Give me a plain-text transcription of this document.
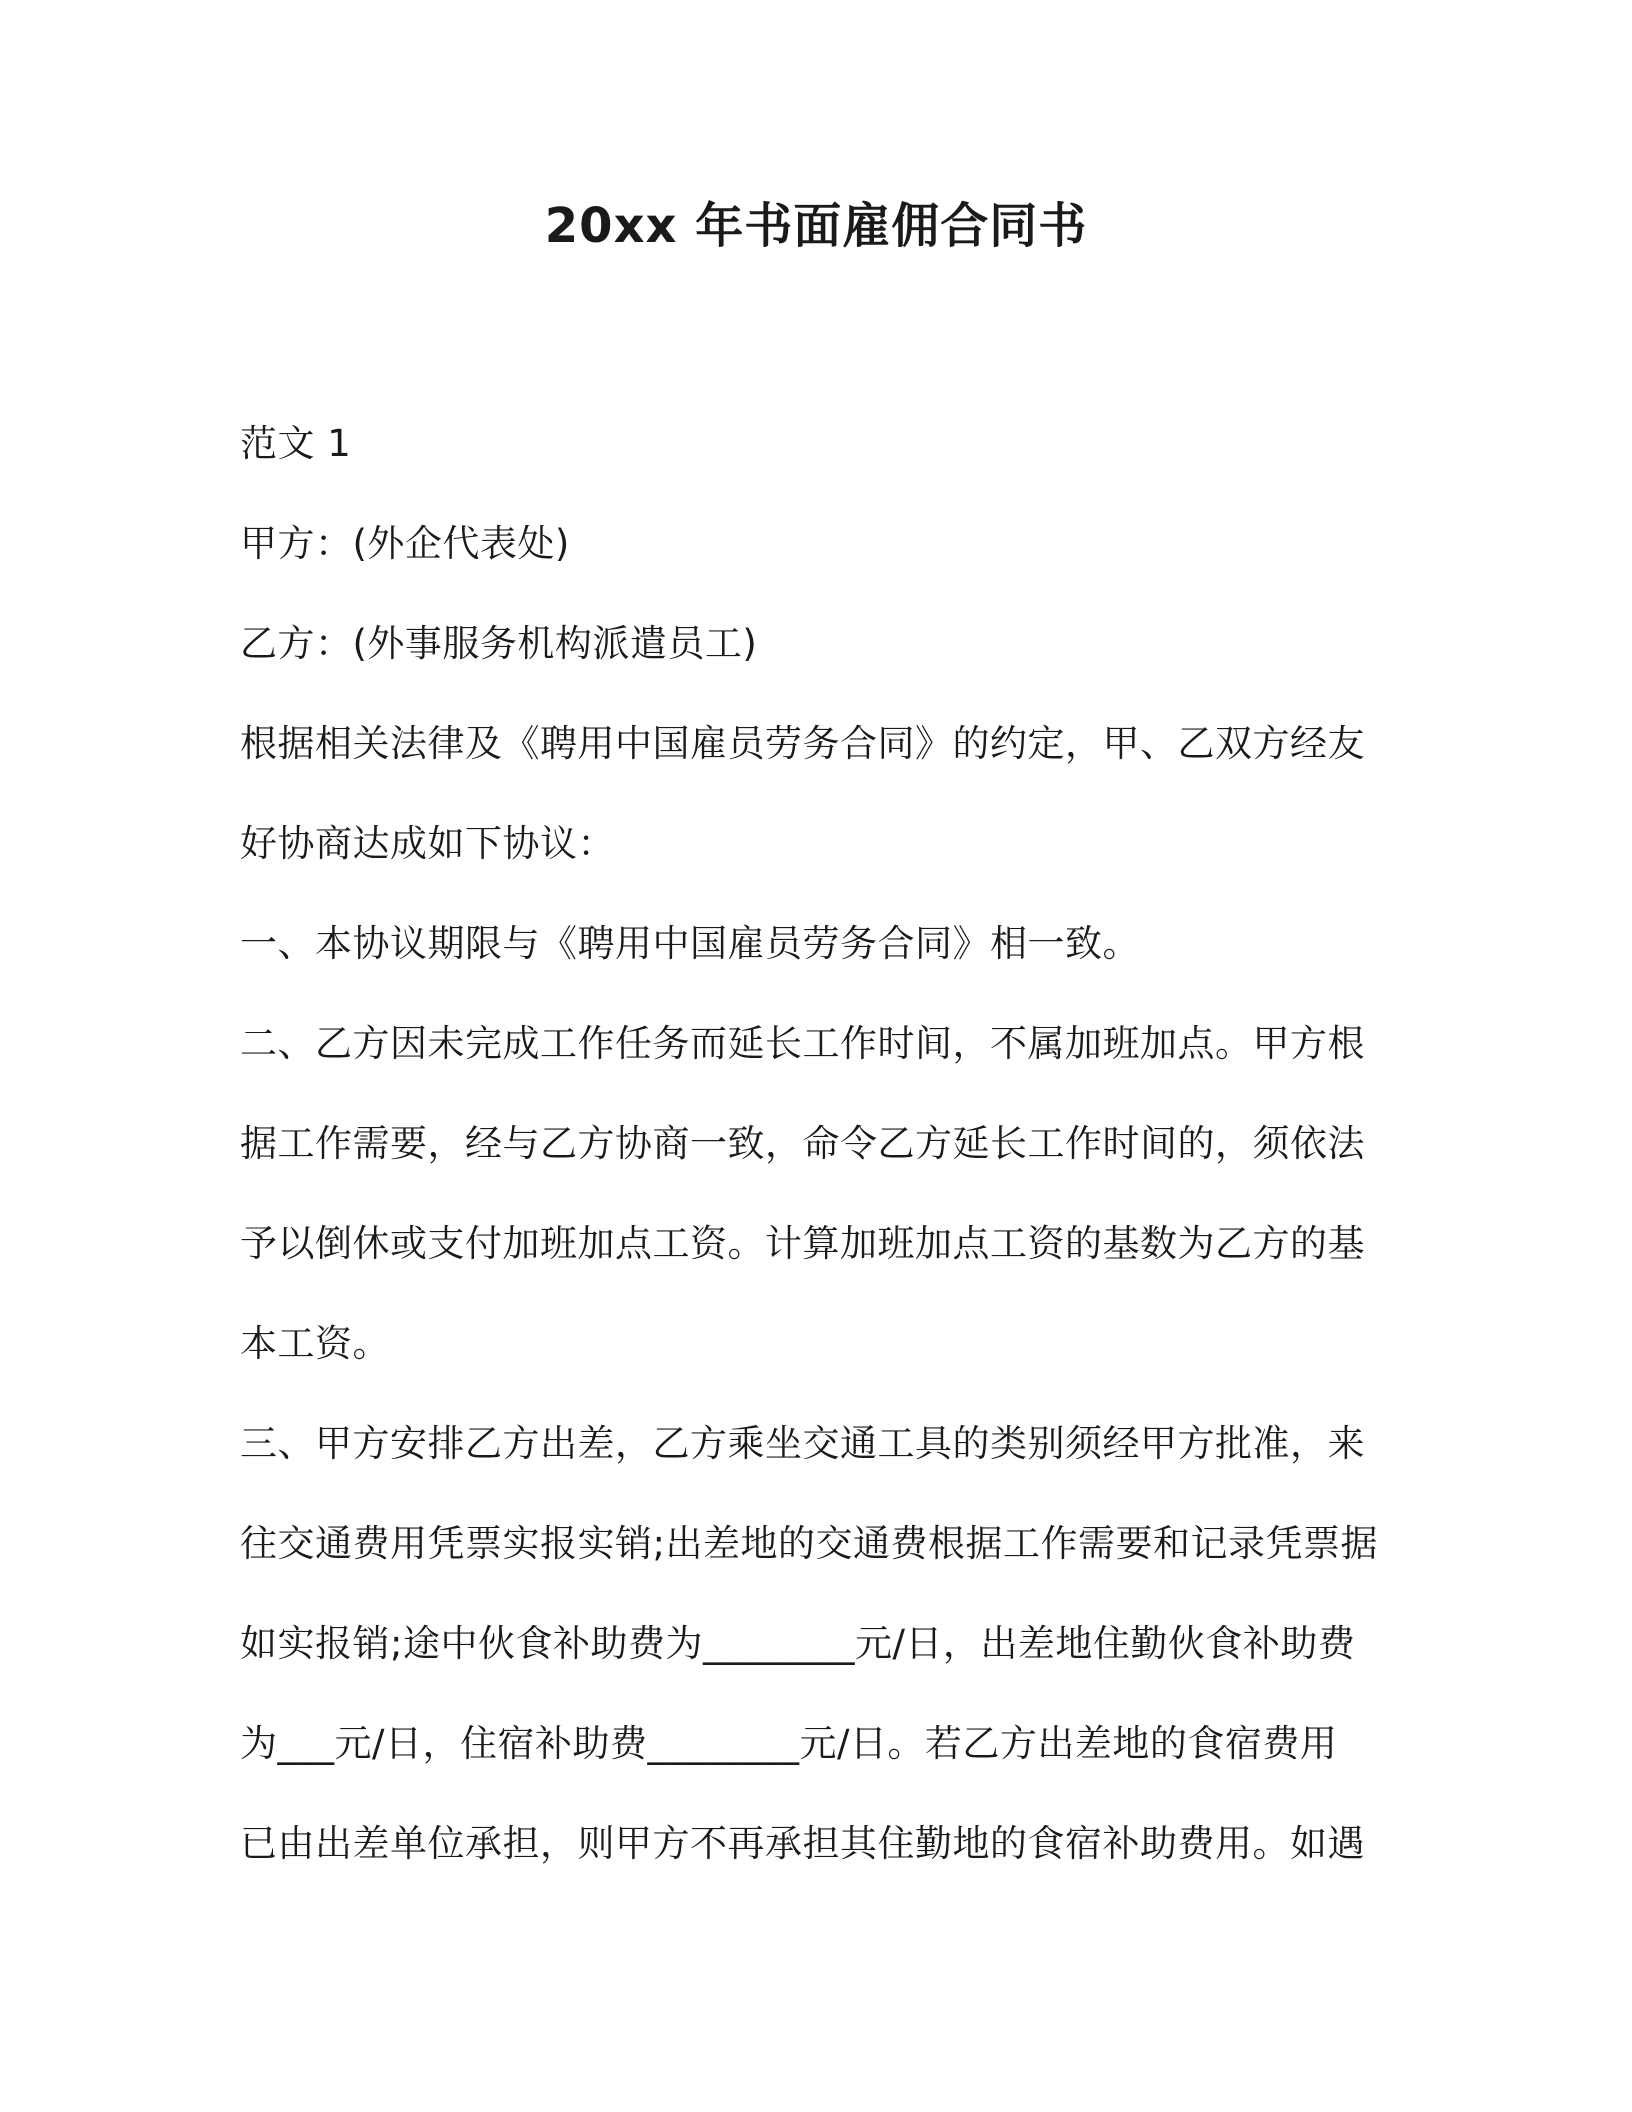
20xx 年书面雇佣合同书
范文 1
甲方：(外企代表处)
乙方：(外事服务机构派遣员工)
根据相关法律及《聘用中国雇员劳务合同》的约定，甲、乙双方经友
好协商达成如下协议：
一、本协议期限与《聘用中国雇员劳务合同》相一致。
二、乙方因未完成工作任务而延长工作时间，不属加班加点。甲方根
据工作需要，经与乙方协商一致，命令乙方延长工作时间的，须依法
予以倒休或支付加班加点工资。计算加班加点工资的基数为乙方的基
本工资。
三、甲方安排乙方出差，乙方乘坐交通工具的类别须经甲方批准，来
往交通费用凭票实报实销;出差地的交通费根据工作需要和记录凭票据
如实报销;途中伙食补助费为________元/日，出差地住勤伙食补助费
为___元/日，住宿补助费________元/日。若乙方出差地的食宿费用
已由出差单位承担，则甲方不再承担其住勤地的食宿补助费用。如遇
